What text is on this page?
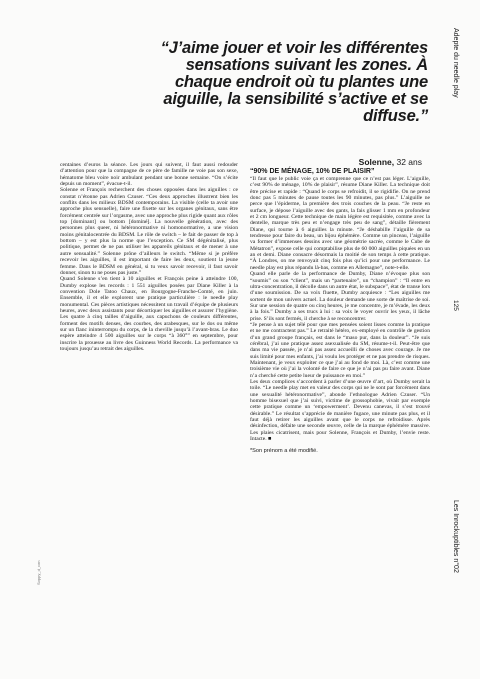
“J’aime jouer et voir les différentes sensations suivant les zones. À chaque endroit où tu plantes une aiguille, la sensibilité s’active et se diffuse.”
Solenne, 32 ans

centaines d’euros la séance. Les jours qui suivent, il faut aussi redouder d’attention pour que la compagne de ce père de famille ne voie pas son sexe, hématome bleu voire noir ambulant pendant une bonne semaine. “On s’écite depuis un moment”, évacue-t-il.

Solenne et François recherchent des choses opposées dans les aiguilles : ce constat n’étonne pas Adrien Czuser. “Ces deux approches illustrent bien les conflits dans les milieux BDSM contemporains. La visible (celle ta avoir une approche plus sensuelle), faire une fixette sur les organes génitaux, sans être forcément centrée sur l’orgasme, avec une approche plus rigide quant aux rôles top [dominant] ou bottom [dominé]. La nouvelle génération, avec des personnes plus queer, ni hétéronormative ni homonormative, a une vision moins génitalocentrée du BDSM. Le rôle de switch – le fait de passer de top à bottom – y est plus la norme que l’exception. Ce SM dégénitalisé, plus politique, permet de ne pas utiliser les appareils génitaux et de mener à une autre sensualité.” Solenne prône d’ailleurs le switch. “Même si je préfère recevoir les aiguilles, il est important de faire les deux, soutient la jeune femme. Dans le BDSM en général, si tu veux savoir recevoir, il faut savoir donner, sinon tu ne poses pas juste.”

Quand Solenne s’en tient à 10 aiguilles et François peine à atteindre 100, Dumby explose les records : 1 551 aiguilles posées par Diane Killer à la convention Dole Tatoo Chaux, en Bourgogne-Franche-Comté, en juin. Ensemble, il et elle explorent une pratique particulière : le needle play monumental. Ces pièces artistiques nécessitent un travail d’équipe de plusieurs heures, avec deux assistants pour décortiquer les aiguilles et assurer l’hygiène. Les quatre à cinq tailles d’aiguille, aux capuchons de couleurs différentes, forment des motifs denses, des courbes, des arabesques, sur le dos ou même sur un flanc ininterrompu du corps, de la cheville jusqu’à l’avant-bras. Le duo espère atteindre 4 500 aiguilles sur le corps “à 360°” en septembre, pour inscrire la prouesse au livre des Guinness World Records. La performance va toujours jusqu’au retrait des aiguilles.

“90% DE MÉNAGE, 10% DE PLAISIR”

“Il faut que le public voie ça et comprenne que ce n’est pas léger. L’aiguille, c’est 90% de ménage, 10% de plaisir”, résume Diane Killer. La technique doit être précise et rapide : “Quand le corps se refroidit, il se rigidifie. On ne prend donc pas 5 minutes de pause toutes les 90 minutes, pas plus.” L’aiguille ne perce que l’épiderme, la première des trois couches de la peau. “Je reste en surface, je dépose l’aiguille avec des gants, la fais glisser 1 mm en profondeur et 2 cm longueur. Cette technique de main légère est requisitée, comme avec la dentelle, marque très peu et n’engage très peu de sang”, détaille fièrement Diane, qui tourne à 6 aiguilles la minute. “Je déshabille l’aiguille de sa tendresse pour faire du beau, un bijou éphémère. Comme un pinceau, l’aiguille va former d’immenses dessins avec une géométrie sacrée, comme le Cube de Métatron”, expose celle qui comptabilise plus de 60 000 aiguilles piquées en un an et demi. Diane consacre désormais la moitié de son temps à cette pratique. “À Londres, on me renvoyait cinq fois plus qu’ici pour une performance. Le needle play est plus répandu là-bas, comme en Allemagne”, note-t-elle.

Quand elle parle de la performance de Dumby, Diane n’évoque plus son “soumis” ou son “client”, mais un “partenaire”, un “champion” : “Il entre en ultra-concentration, il décolle dans un autre état, le subspace”, état de transe lors d’une soumission. De sa voix fluette, Dumby acquiesce : “Les aiguilles me sortent de mon univers actuel. La douleur demande une sorte de maîtrise de soi. Sur une session de quatre ou cinq heures, je me concentre, je m’évade, les deux à la fois.” Dumby a ses trucs à lui : sa voix le voyer ouvrir les yeux, il lâche prise. S’ils sont fermés, il cherche à se reconcentrer.

“Je pense à un sujet télé pour que mes pensées soient lisses comme la pratique et ne me contractent pas.” Le retraité hétéro, ex-employé en contrôle de gestion d’un grand groupe français, est dans le “maso pur, dans la douleur”. “Je suis cérébral, j’ai une pratique assez asexualisée du SM, résume-t-il. Peut-être que dans ma vie passée, je n’ai pas assez accueilli de choses avec courage. Je me suis limité pour mes enfants, j’ai voulu les protéger et ne pas prendre de risques. Maintenant, je veux exploiter ce que j’ai au fond de moi. Là, c’est comme une troisième vie où j’ai la volonté de faire ce que je n’ai pas pu faire avant. Diane n’a cherché cette petite lueur de puissance en moi.”

Les deux complices s’accordent à parler d’une œuvre d’art, où Dumby serait la toile. “Le needle play met en valeur des corps qui ne le sont par forcément dans une sexualité hétéronormative”, abonde l’ethnologue Adrien Czuser. “Un homme bisexuel que j’ai suivi, victime de grossophobie, vivait par exemple cette pratique comme un ‘empowerment’. Devenu canevas, il s’est trouvé désirable.” Le résultat s’apprécie de manière fugace, une minute pas plus, et il faut déjà retirer les aiguilles avant que le corps ne refroidisse. Après désinfection, défaite une seconde œuvre, celle de la marque éphémère massive. Les plaies cicatrisent, mais pour Solenne, François et Dumby, l’envie reste. Intacte. ■

*Son prénom a été modifié.

Adepte du needle play
125
Les Inrockuptibles n°02
Soppy_d_con
